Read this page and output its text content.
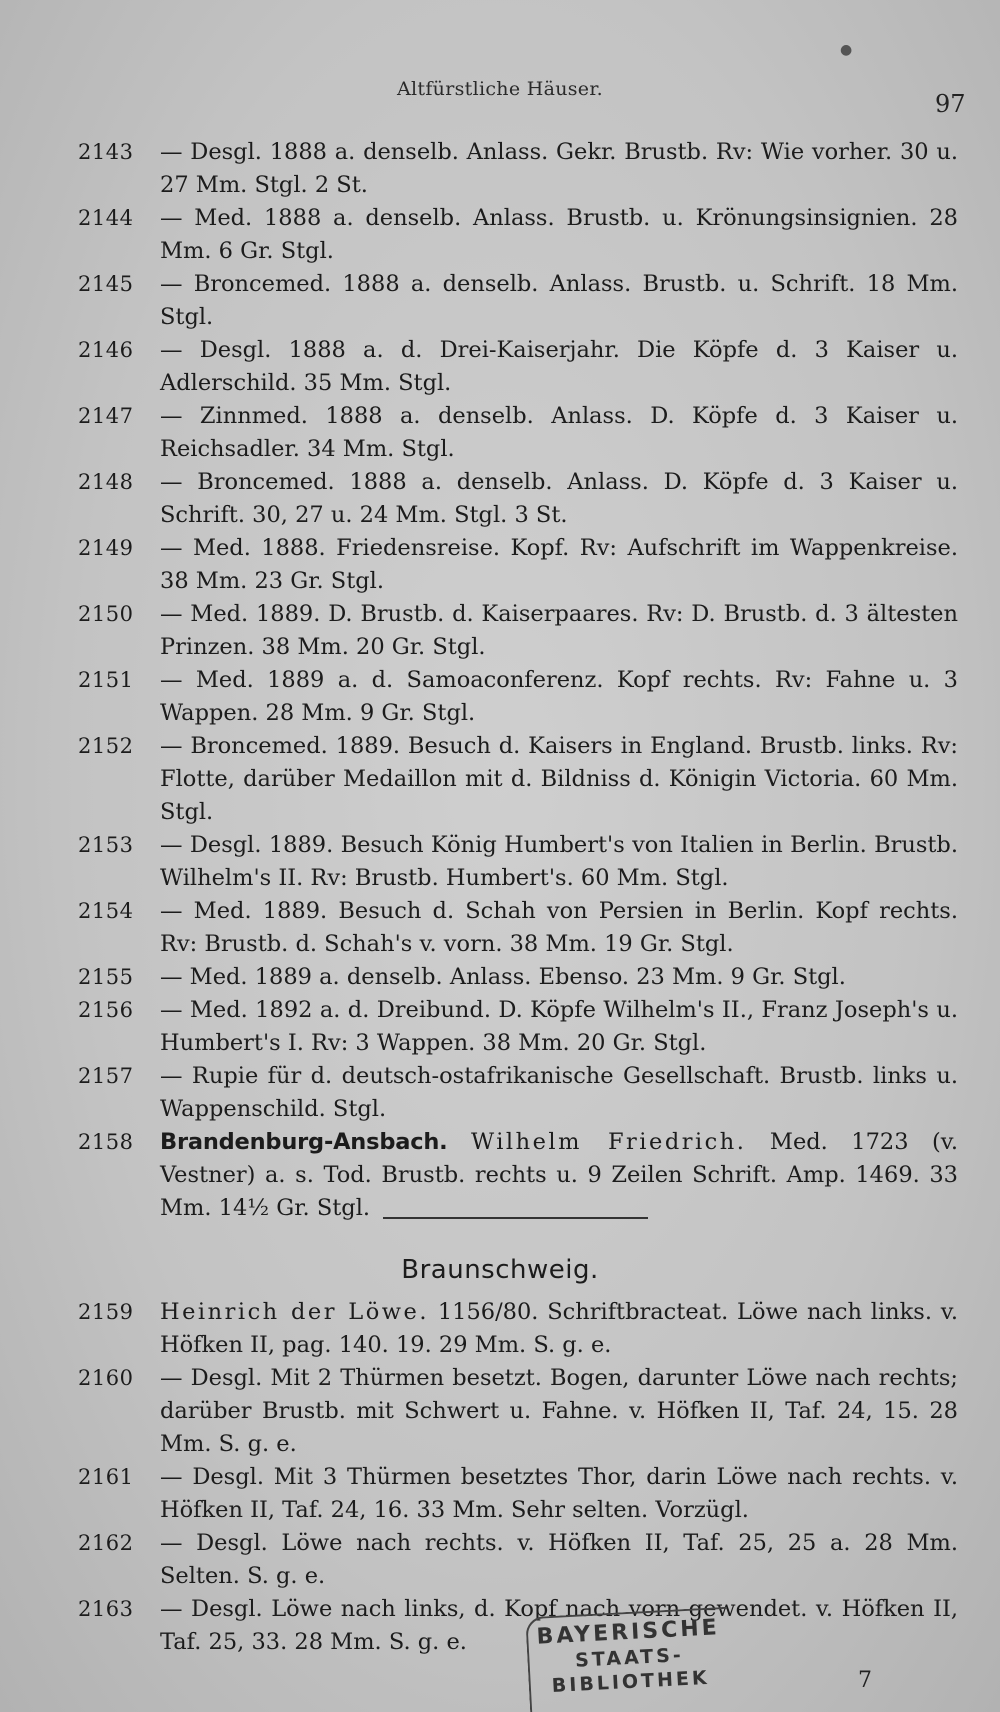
●
Altfürstliche Häuser.
97
2143 — Desgl. 1888 a. denselb. Anlass. Gekr. Brustb. Rv: Wie vorher. 30 u. 27 Mm. Stgl. 2 St.
2144 — Med. 1888 a. denselb. Anlass. Brustb. u. Krönungsinsignien. 28 Mm. 6 Gr. Stgl.
2145 — Broncemed. 1888 a. denselb. Anlass. Brustb. u. Schrift. 18 Mm. Stgl.
2146 — Desgl. 1888 a. d. Drei-Kaiserjahr. Die Köpfe d. 3 Kaiser u. Adlerschild. 35 Mm. Stgl.
2147 — Zinnmed. 1888 a. denselb. Anlass. D. Köpfe d. 3 Kaiser u. Reichsadler. 34 Mm. Stgl.
2148 — Broncemed. 1888 a. denselb. Anlass. D. Köpfe d. 3 Kaiser u. Schrift. 30, 27 u. 24 Mm. Stgl. 3 St.
2149 — Med. 1888. Friedensreise. Kopf. Rv: Aufschrift im Wappenkreise. 38 Mm. 23 Gr. Stgl.
2150 — Med. 1889. D. Brustb. d. Kaiserpaares. Rv: D. Brustb. d. 3 ältesten Prinzen. 38 Mm. 20 Gr. Stgl.
2151 — Med. 1889 a. d. Samoaconferenz. Kopf rechts. Rv: Fahne u. 3 Wappen. 28 Mm. 9 Gr. Stgl.
2152 — Broncemed. 1889. Besuch d. Kaisers in England. Brustb. links. Rv: Flotte, darüber Medaillon mit d. Bildniss d. Königin Victoria. 60 Mm. Stgl.
2153 — Desgl. 1889. Besuch König Humbert's von Italien in Berlin. Brustb. Wilhelm's II. Rv: Brustb. Humbert's. 60 Mm. Stgl.
2154 — Med. 1889. Besuch d. Schah von Persien in Berlin. Kopf rechts. Rv: Brustb. d. Schah's v. vorn. 38 Mm. 19 Gr. Stgl.
2155 — Med. 1889 a. denselb. Anlass. Ebenso. 23 Mm. 9 Gr. Stgl.
2156 — Med. 1892 a. d. Dreibund. D. Köpfe Wilhelm's II., Franz Joseph's u. Humbert's I. Rv: 3 Wappen. 38 Mm. 20 Gr. Stgl.
2157 — Rupie für d. deutsch-ostafrikanische Gesellschaft. Brustb. links u. Wappenschild. Stgl.
2158 Brandenburg-Ansbach. Wilhelm Friedrich. Med. 1723 (v. Vestner) a. s. Tod. Brustb. rechts u. 9 Zeilen Schrift. Amp. 1469. 33 Mm. 14½ Gr. Stgl.
Braunschweig.
2159 Heinrich der Löwe. 1156/80. Schriftbracteat. Löwe nach links. v. Höfken II, pag. 140. 19. 29 Mm. S. g. e.
2160 — Desgl. Mit 2 Thürmen besetzt. Bogen, darunter Löwe nach rechts; darüber Brustb. mit Schwert u. Fahne. v. Höfken II, Taf. 24, 15. 28 Mm. S. g. e.
2161 — Desgl. Mit 3 Thürmen besetztes Thor, darin Löwe nach rechts. v. Höfken II, Taf. 24, 16. 33 Mm. Sehr selten. Vorzügl.
2162 — Desgl. Löwe nach rechts. v. Höfken II, Taf. 25, 25 a. 28 Mm. Selten. S. g. e.
2163 — Desgl. Löwe nach links, d. Kopf nach vorn gewendet. v. Höfken II, Taf. 25, 33. 28 Mm. S. g. e.	BAYERISCHE
STAATS-
BIBLIOTHEK	7
